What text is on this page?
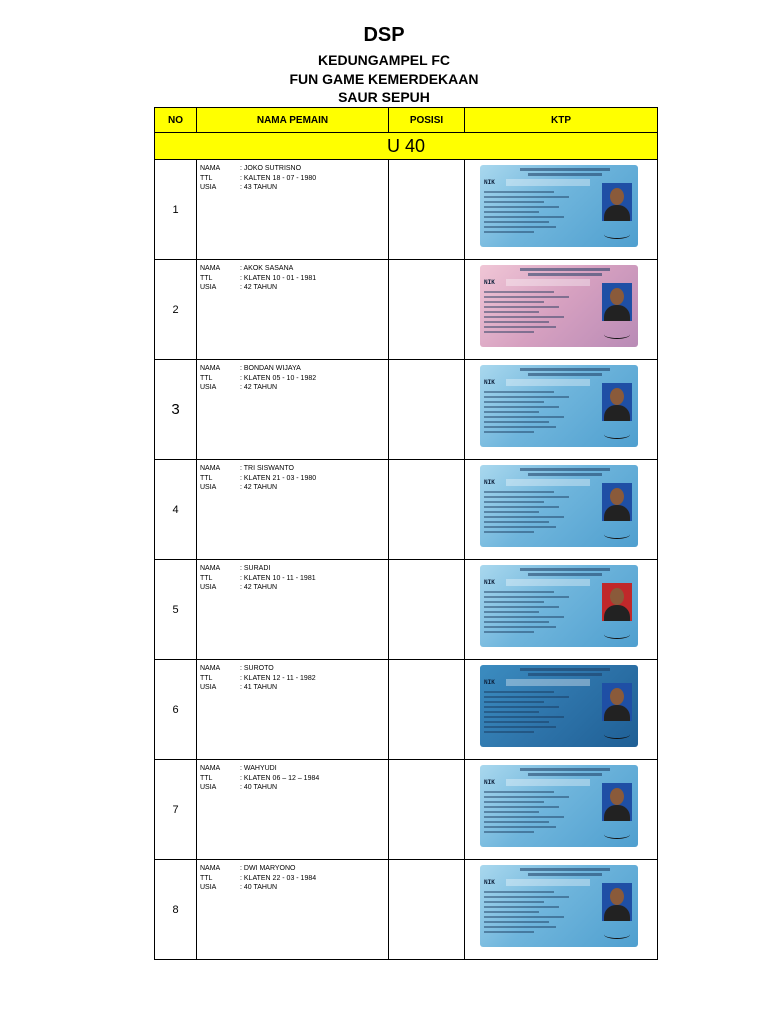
DSP
KEDUNGAMPEL FC
FUN GAME KEMERDEKAAN
SAUR SEPUH
NO	NAMA PEMAIN	POSISI	KTP
U 40			
1	NAMA : JOKO SUTRISNO
TTL : KALTEN 18 - 07 - 1980
USIA : 43 TAHUN		NIK

2	NAMA : AKOK SASANA
TTL : KLATEN 10 - 01 - 1981
USIA : 42 TAHUN		NIK

3	NAMA : BONDAN WIJAYA
TTL : KLATEN 05 - 10 - 1982
USIA : 42 TAHUN		NIK

4	NAMA : TRI SISWANTO
TTL : KLATEN 21 - 03 - 1980
USIA : 42 TAHUN		NIK

5	NAMA : SURADI
TTL : KLATEN 10 - 11 - 1981
USIA : 42 TAHUN		NIK

6	NAMA : SUROTO
TTL : KLATEN 12 - 11 - 1982
USIA : 41 TAHUN		NIK

7	NAMA : WAHYUDI
TTL : KLATEN 06 – 12 – 1984
USIA : 40 TAHUN		NIK

8	NAMA : DWI MARYONO
TTL : KLATEN 22 - 03 - 1984
USIA : 40 TAHUN		NIK
